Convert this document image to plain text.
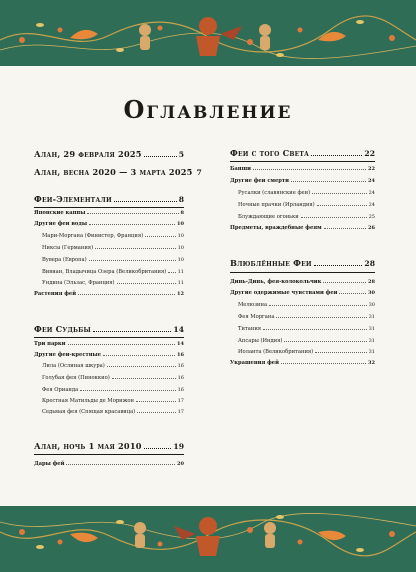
Оглавление
Алан, 29 февраля 2025	5
Алан, весна 2020 — 3 марта 2025 7
Феи-Элементали	8
Японские каппы	8
Другие феи воды	10
Мари-Моргана (Финистер, Франция)	10
Никсы (Германия)	10
Вувера (Европа)	10
Вивиан, Владычица Озера (Великобритания) 11
Ундина (Эльзас, Франция)	11
Растения фей	12
Феи Судьбы	14
Три парки	14
Другие феи-крестные	16
Лила (Ослиная шкура)	16
Голубая фея (Пиноккио)	16
Фея Орианда	16
Крестная Матильды де Морижон	17
Седьмая фея (Спящая красавица)	17
Алан, ночь 1 мая 2010	19
Дары фей	20
Феи с того Света	22
Банши	22
Другие феи смерти	24
Русалки (славянские феи)	24
Ночные прачки (Ирландия)	24
Блуждающие огоньки	25
Предметы, враждебные феям	26
Влюблённые Феи	28
Динь-Динь, фея-колокольчик	28
Другие одержимые чувствами феи	30
Мелюзина	30
Фея Моргана	31
Титания	31
Апсары (Индия)	31
Иоланта (Великобритания)	31
Украшения фей	32
